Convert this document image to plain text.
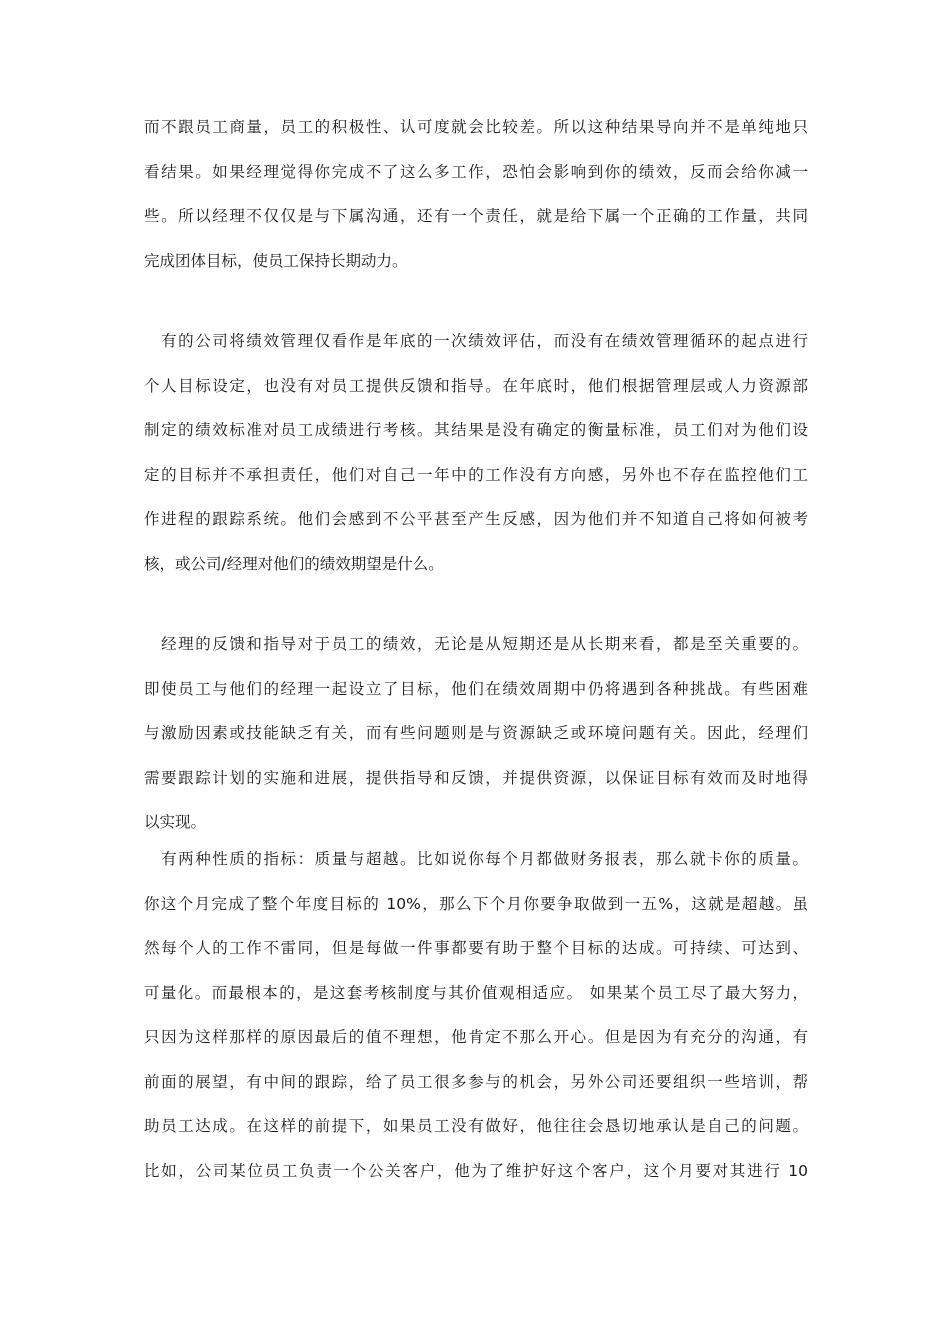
而不跟员工商量，员工的积极性、认可度就会比较差。所以这种结果导向并不是单纯地只
看结果。如果经理觉得你完成不了这么多工作，恐怕会影响到你的绩效，反而会给你减一
些。所以经理不仅仅是与下属沟通，还有一个责任，就是给下属一个正确的工作量，共同
完成团体目标，使员工保持长期动力。
　有的公司将绩效管理仅看作是年底的一次绩效评估，而没有在绩效管理循环的起点进行
个人目标设定，也没有对员工提供反馈和指导。在年底时，他们根据管理层或人力资源部
制定的绩效标准对员工成绩进行考核。其结果是没有确定的衡量标准，员工们对为他们设
定的目标并不承担责任，他们对自己一年中的工作没有方向感，另外也不存在监控他们工
作进程的跟踪系统。他们会感到不公平甚至产生反感，因为他们并不知道自己将如何被考
核，或公司/经理对他们的绩效期望是什么。
　经理的反馈和指导对于员工的绩效，无论是从短期还是从长期来看，都是至关重要的。
即使员工与他们的经理一起设立了目标，他们在绩效周期中仍将遇到各种挑战。有些困难
与激励因素或技能缺乏有关，而有些问题则是与资源缺乏或环境问题有关。因此，经理们
需要跟踪计划的实施和进展，提供指导和反馈，并提供资源，以保证目标有效而及时地得
以实现。
　有两种性质的指标：质量与超越。比如说你每个月都做财务报表，那么就卡你的质量。
你这个月完成了整个年度目标的 10%，那么下个月你要争取做到一五%，这就是超越。虽
然每个人的工作不雷同，但是每做一件事都要有助于整个目标的达成。可持续、可达到、
可量化。而最根本的，是这套考核制度与其价值观相适应。 如果某个员工尽了最大努力，
只因为这样那样的原因最后的值不理想，他肯定不那么开心。但是因为有充分的沟通，有
前面的展望，有中间的跟踪，给了员工很多参与的机会，另外公司还要组织一些培训，帮
助员工达成。在这样的前提下，如果员工没有做好，他往往会恳切地承认是自己的问题。
比如，公司某位员工负责一个公关客户，他为了维护好这个客户，这个月要对其进行 10
